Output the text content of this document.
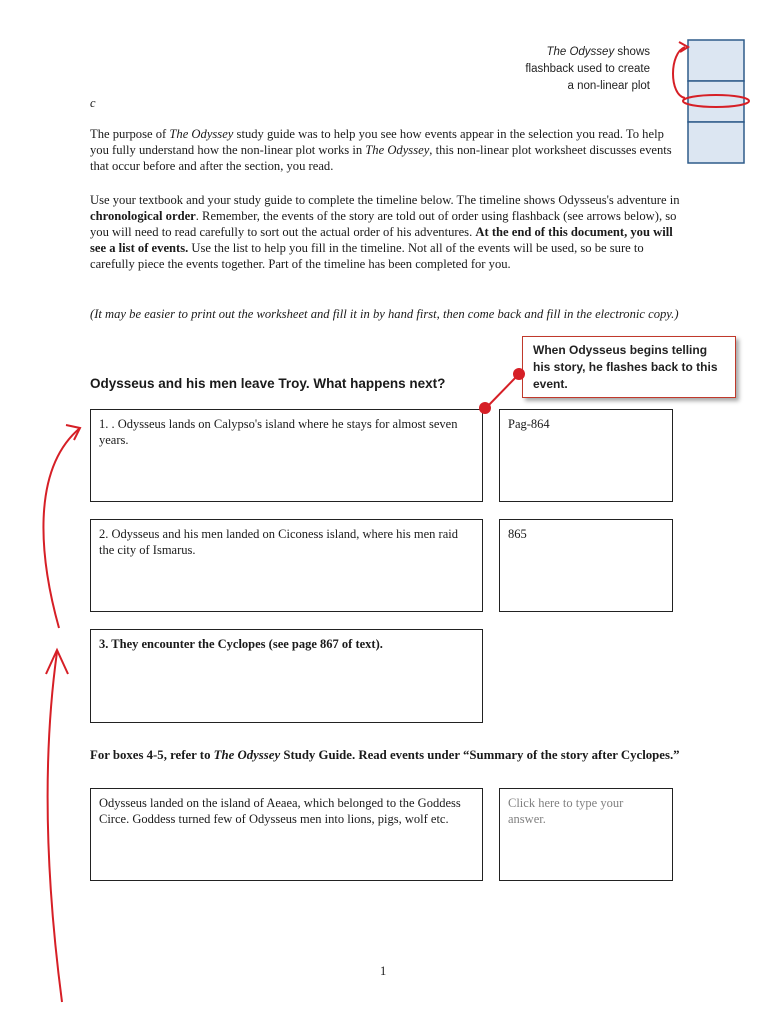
The Odyssey shows
flashback used to create
a non-linear plot
c
The purpose of The Odyssey study guide was to help you see how events appear in the selection you read. To help you fully understand how the non-linear plot works in The Odyssey, this non-linear plot worksheet discusses events that occur before and after the section, you read.
Use your textbook and your study guide to complete the timeline below. The timeline shows Odysseus's adventure in chronological order. Remember, the events of the story are told out of order using flashback (see arrows below), so you will need to read carefully to sort out the actual order of his adventures. At the end of this document, you will see a list of events. Use the list to help you fill in the timeline. Not all of the events will be used, so be sure to carefully piece the events together. Part of the timeline has been completed for you.
(It may be easier to print out the worksheet and fill it in by hand first, then come back and fill in the electronic copy.)
When Odysseus begins telling his story, he flashes back to this event.
Odysseus and his men leave Troy. What happens next?
1. . Odysseus lands on Calypso's island where he stays for almost seven years.
Pag-864
2. Odysseus and his men landed on Ciconess island, where his men raid the city of Ismarus.
865
3. They encounter the Cyclopes (see page 867 of text).
For boxes 4-5, refer to The Odyssey Study Guide. Read events under “Summary of the story after Cyclopes.”
Odysseus landed on the island of Aeaea, which belonged to the Goddess Circe. Goddess turned few of Odysseus men into lions, pigs, wolf etc.
Click here to type your answer.
1
